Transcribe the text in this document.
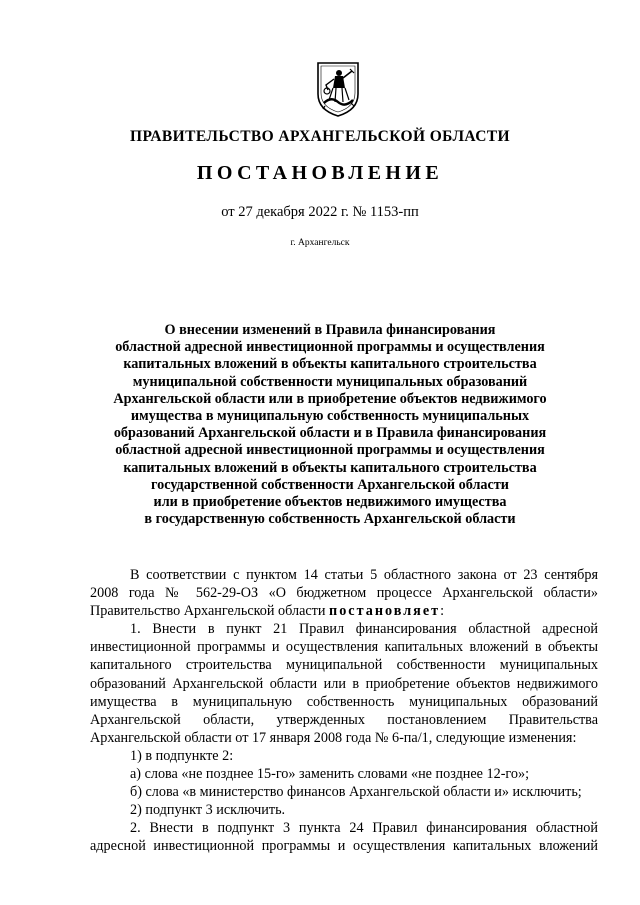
ПРАВИТЕЛЬСТВО АРХАНГЕЛЬСКОЙ ОБЛАСТИ
ПОСТАНОВЛЕНИЕ
от 27 декабря 2022 г. № 1153-пп
г. Архангельск
О внесении изменений в Правила финансирования
областной адресной инвестиционной программы и осуществления
капитальных вложений в объекты капитального строительства
муниципальной собственности муниципальных образований
Архангельской области или в приобретение объектов недвижимого
имущества в муниципальную собственность муниципальных
образований Архангельской области и в Правила финансирования
областной адресной инвестиционной программы и осуществления
капитальных вложений в объекты капитального строительства
государственной собственности Архангельской области
или в приобретение объектов недвижимого имущества
в государственную собственность Архангельской области
В соответствии с пунктом 14 статьи 5 областного закона от 23 сентября
2008 года № 562-29-ОЗ «О бюджетном процессе Архангельской области»
Правительство Архангельской области постановляет:
1. Внести в пункт 21 Правил финансирования областной адресной
инвестиционной программы и осуществления капитальных вложений в объекты
капитального строительства муниципальной собственности муниципальных
образований Архангельской области или в приобретение объектов недвижимого
имущества в муниципальную собственность муниципальных образований
Архангельской области, утвержденных постановлением Правительства
Архангельской области от 17 января 2008 года № 6-па/1, следующие изменения:
1) в подпункте 2:
а) слова «не позднее 15-го» заменить словами «не позднее 12-го»;
б) слова «в министерство финансов Архангельской области и» исключить;
2) подпункт 3 исключить.
2. Внести в подпункт 3 пункта 24 Правил финансирования областной
адресной инвестиционной программы и осуществления капитальных вложений
